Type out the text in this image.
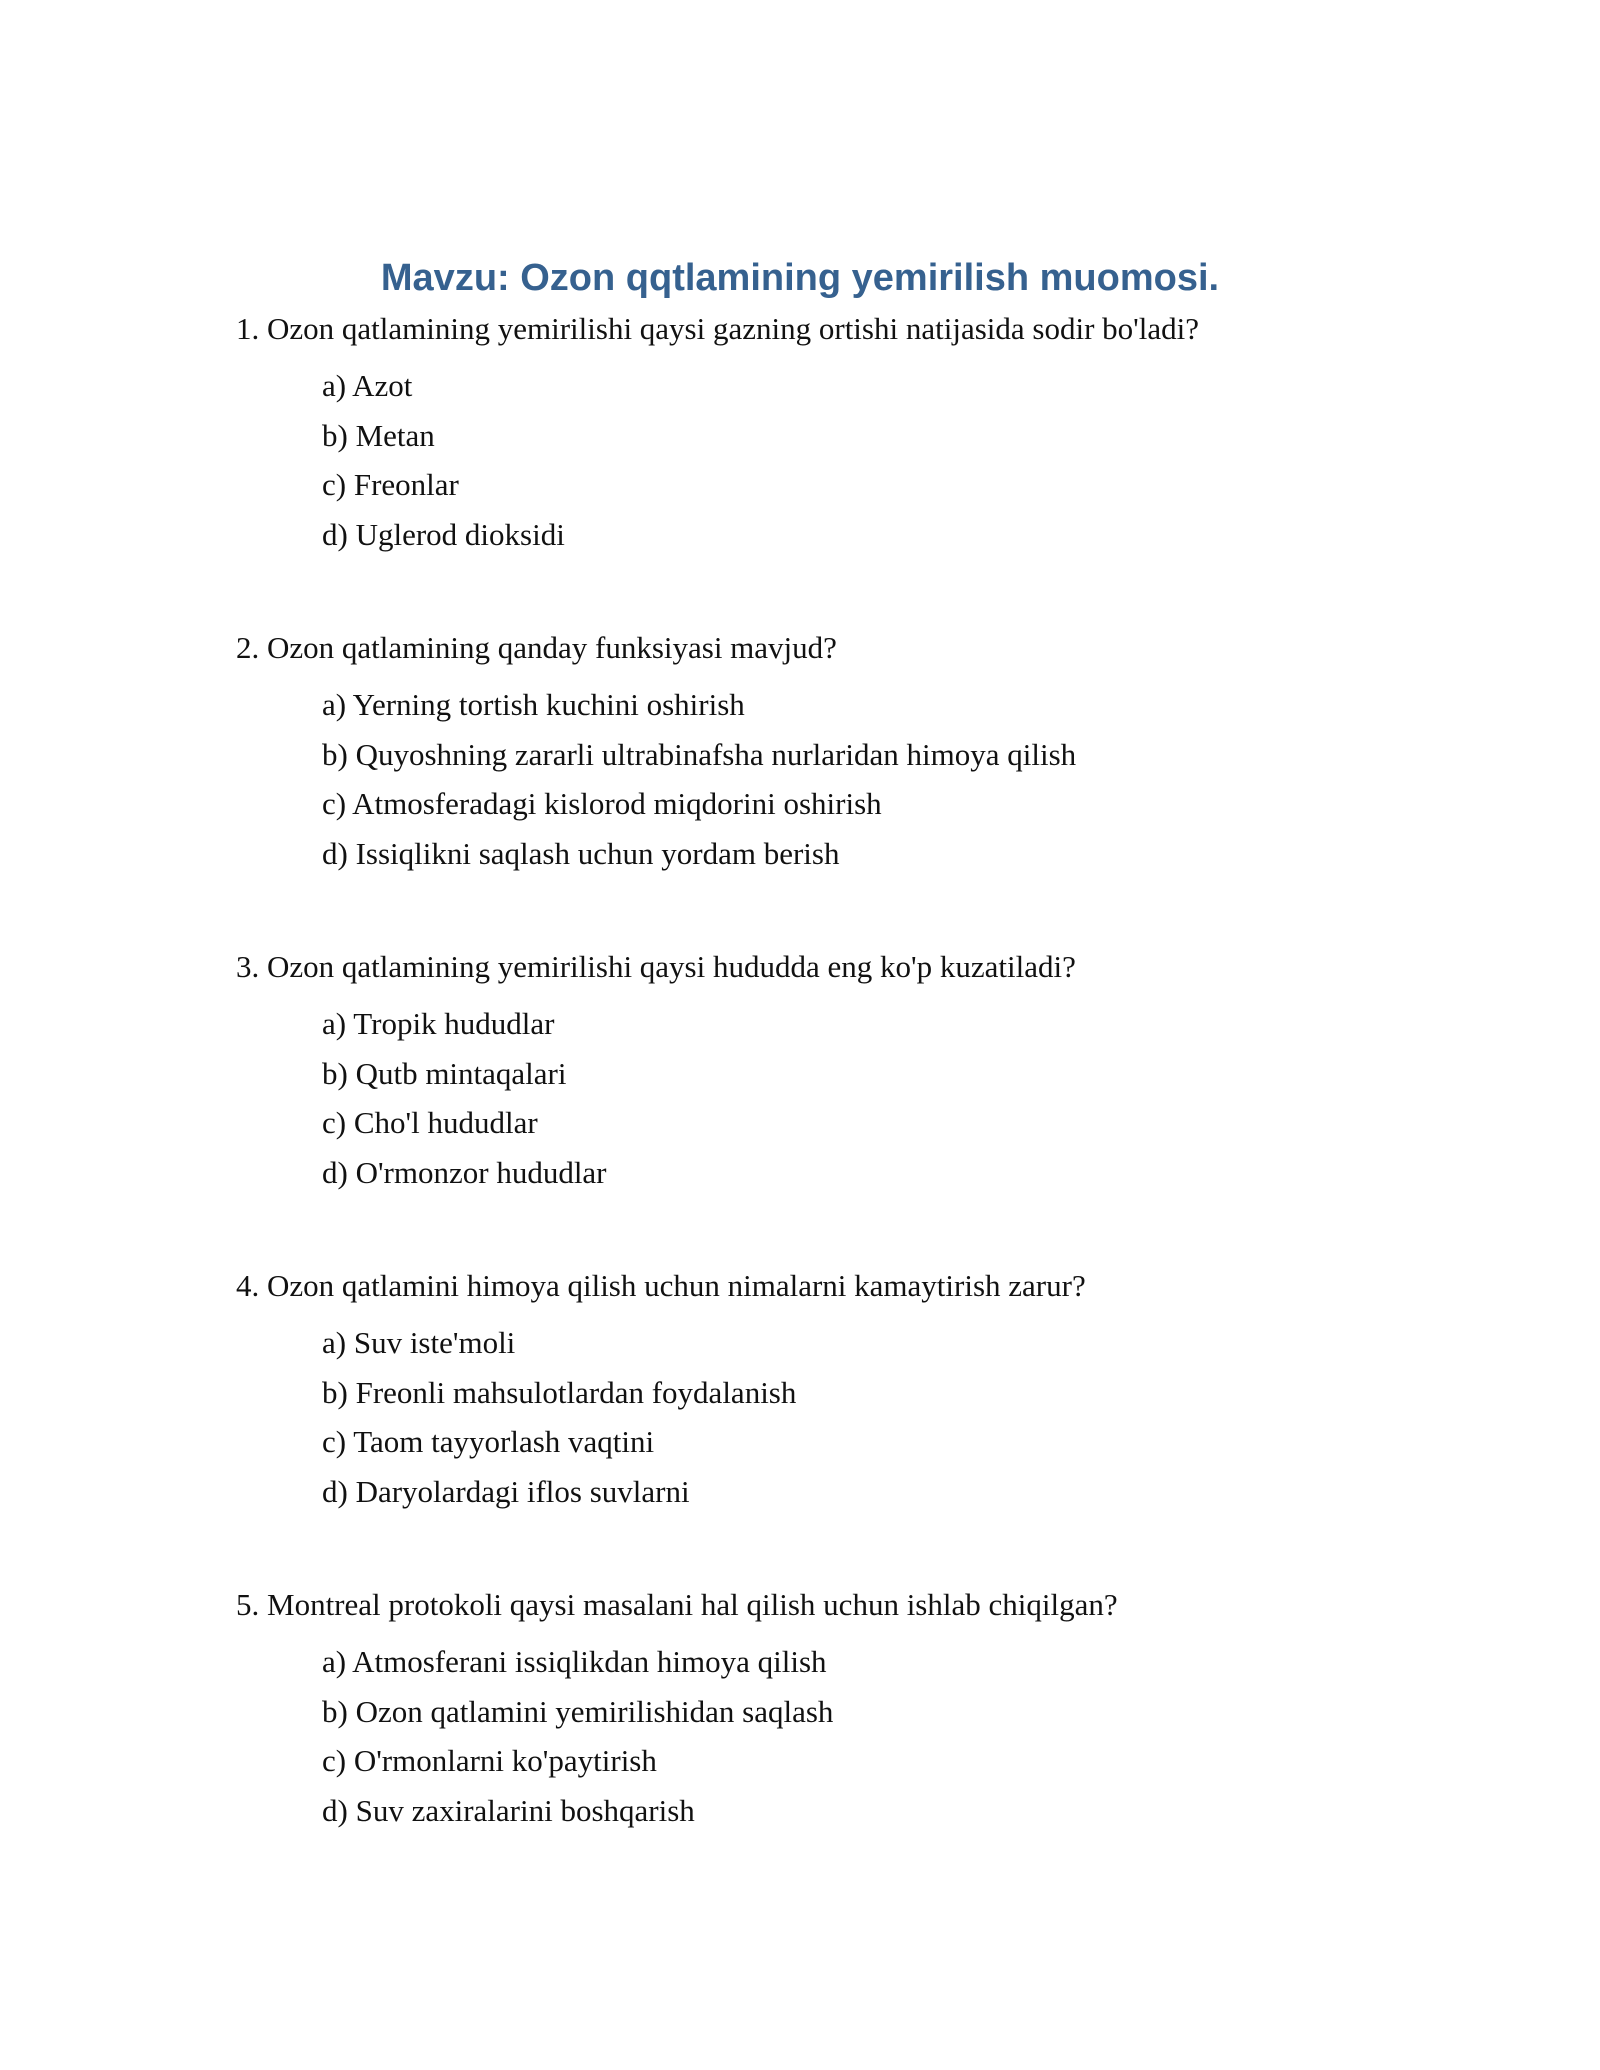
Mavzu: Ozon qqtlamining yemirilish muomosi.

1. Ozon qatlamining yemirilishi qaysi gazning ortishi natijasida sodir bo'ladi?

a) Azot
b) Metan
c) Freonlar
d) Uglerod dioksidi

2. Ozon qatlamining qanday funksiyasi mavjud?

a) Yerning tortish kuchini oshirish
b) Quyoshning zararli ultrabinafsha nurlaridan himoya qilish
c) Atmosferadagi kislorod miqdorini oshirish
d) Issiqlikni saqlash uchun yordam berish

3. Ozon qatlamining yemirilishi qaysi hududda eng ko'p kuzatiladi?

a) Tropik hududlar
b) Qutb mintaqalari
c) Cho'l hududlar
d) O'rmonzor hududlar

4. Ozon qatlamini himoya qilish uchun nimalarni kamaytirish zarur?

a) Suv iste'moli
b) Freonli mahsulotlardan foydalanish
c) Taom tayyorlash vaqtini
d) Daryolardagi iflos suvlarni

5. Montreal protokoli qaysi masalani hal qilish uchun ishlab chiqilgan?

a) Atmosferani issiqlikdan himoya qilish
b) Ozon qatlamini yemirilishidan saqlash
c) O'rmonlarni ko'paytirish
d) Suv zaxiralarini boshqarish
